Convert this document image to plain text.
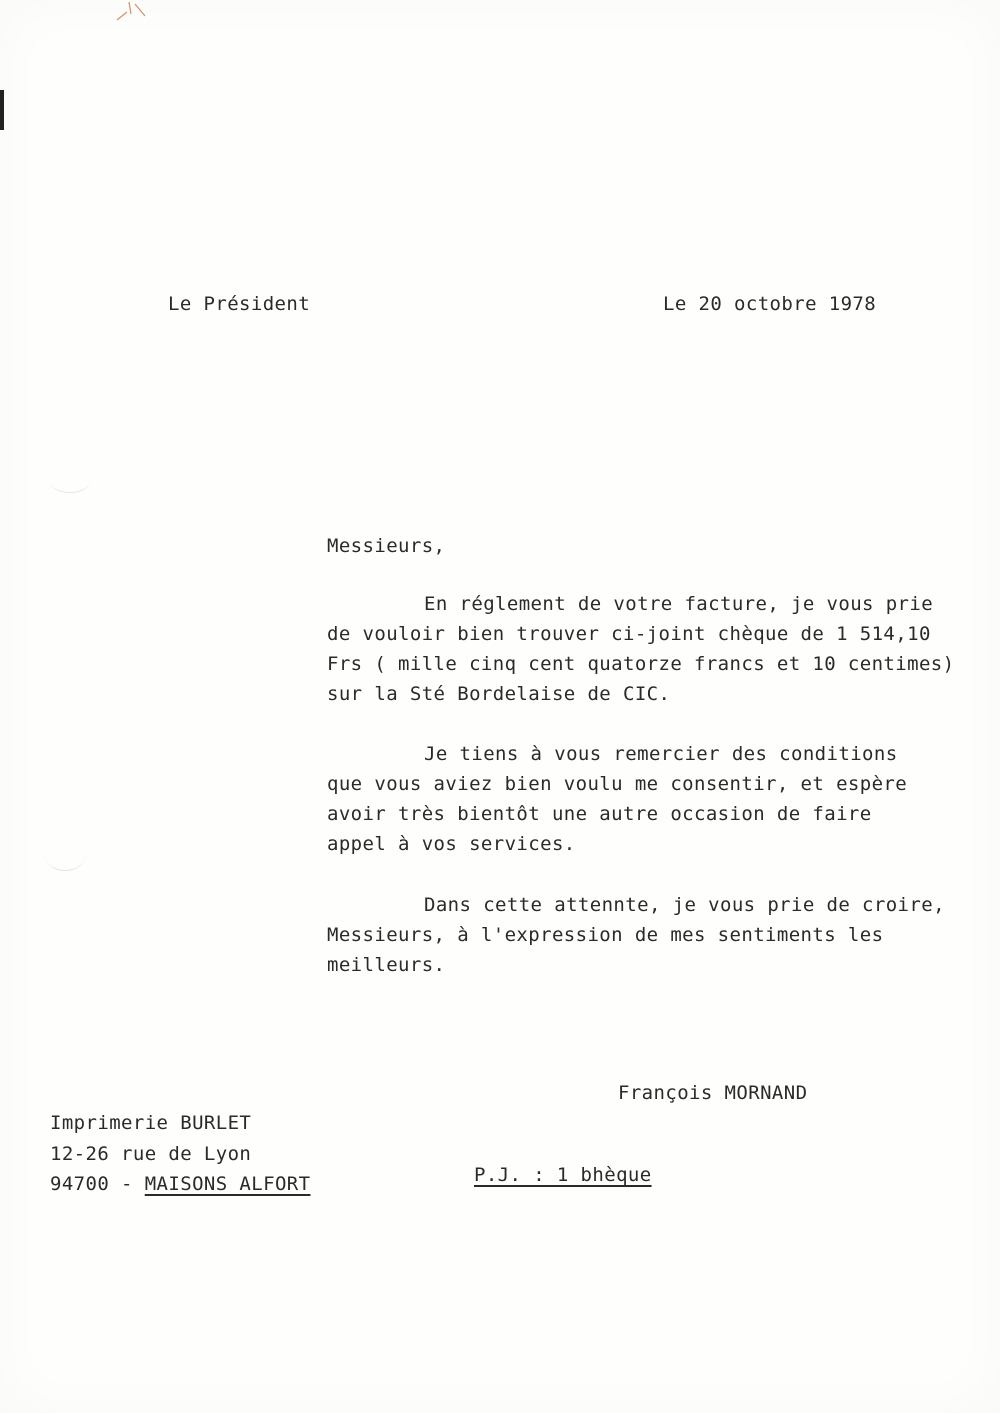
Le Président	Le 20 octobre 1978

Messieurs,

En réglement de votre facture, je vous prie

de vouloir bien trouver ci-joint chèque de 1 514,10

Frs ( mille cinq cent quatorze francs et 10 centimes)

sur la Sté Bordelaise de CIC.

Je tiens à vous remercier des conditions

que vous aviez bien voulu me consentir, et espère

avoir très bientôt une autre occasion de faire

appel à vos services.

Dans cette attennte, je vous prie de croire,

Messieurs, à l'expression de mes sentiments les

meilleurs.

François MORNAND

Imprimerie BURLET

12-26 rue de Lyon

94700 - MAISONS ALFORT	P.J. : 1 bhèque
